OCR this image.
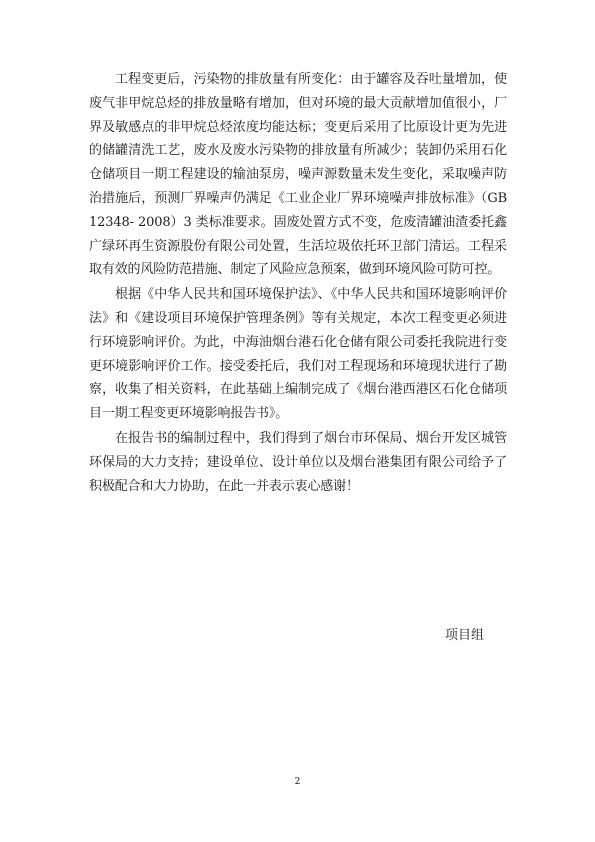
工程变更后，污染物的排放量有所变化：由于罐容及吞吐量增加，使废气非甲烷总烃的排放量略有增加，但对环境的最大贡献增加值很小，厂界及敏感点的非甲烷总烃浓度均能达标；变更后采用了比原设计更为先进的储罐清洗工艺，废水及废水污染物的排放量有所减少；装卸仍采用石化仓储项目一期工程建设的输油泵房，噪声源数量未发生变化，采取噪声防治措施后，预测厂界噪声仍满足《工业企业厂界环境噪声排放标准》（GB12348- 2008）3 类标准要求。固废处置方式不变，危废清罐油渣委托鑫广绿环再生资源股份有限公司处置，生活垃圾依托环卫部门清运。工程采取有效的风险防范措施、制定了风险应急预案，做到环境风险可防可控。

根据《中华人民共和国环境保护法》、《中华人民共和国环境影响评价法》和《建设项目环境保护管理条例》等有关规定，本次工程变更必须进行环境影响评价。为此，中海油烟台港石化仓储有限公司委托我院进行变更环境影响评价工作。接受委托后，我们对工程现场和环境现状进行了勘察，收集了相关资料，在此基础上编制完成了《烟台港西港区石化仓储项目一期工程变更环境影响报告书》。

在报告书的编制过程中，我们得到了烟台市环保局、烟台开发区城管环保局的大力支持；建设单位、设计单位以及烟台港集团有限公司给予了积极配合和大力协助，在此一并表示衷心感谢！

项目组
2
